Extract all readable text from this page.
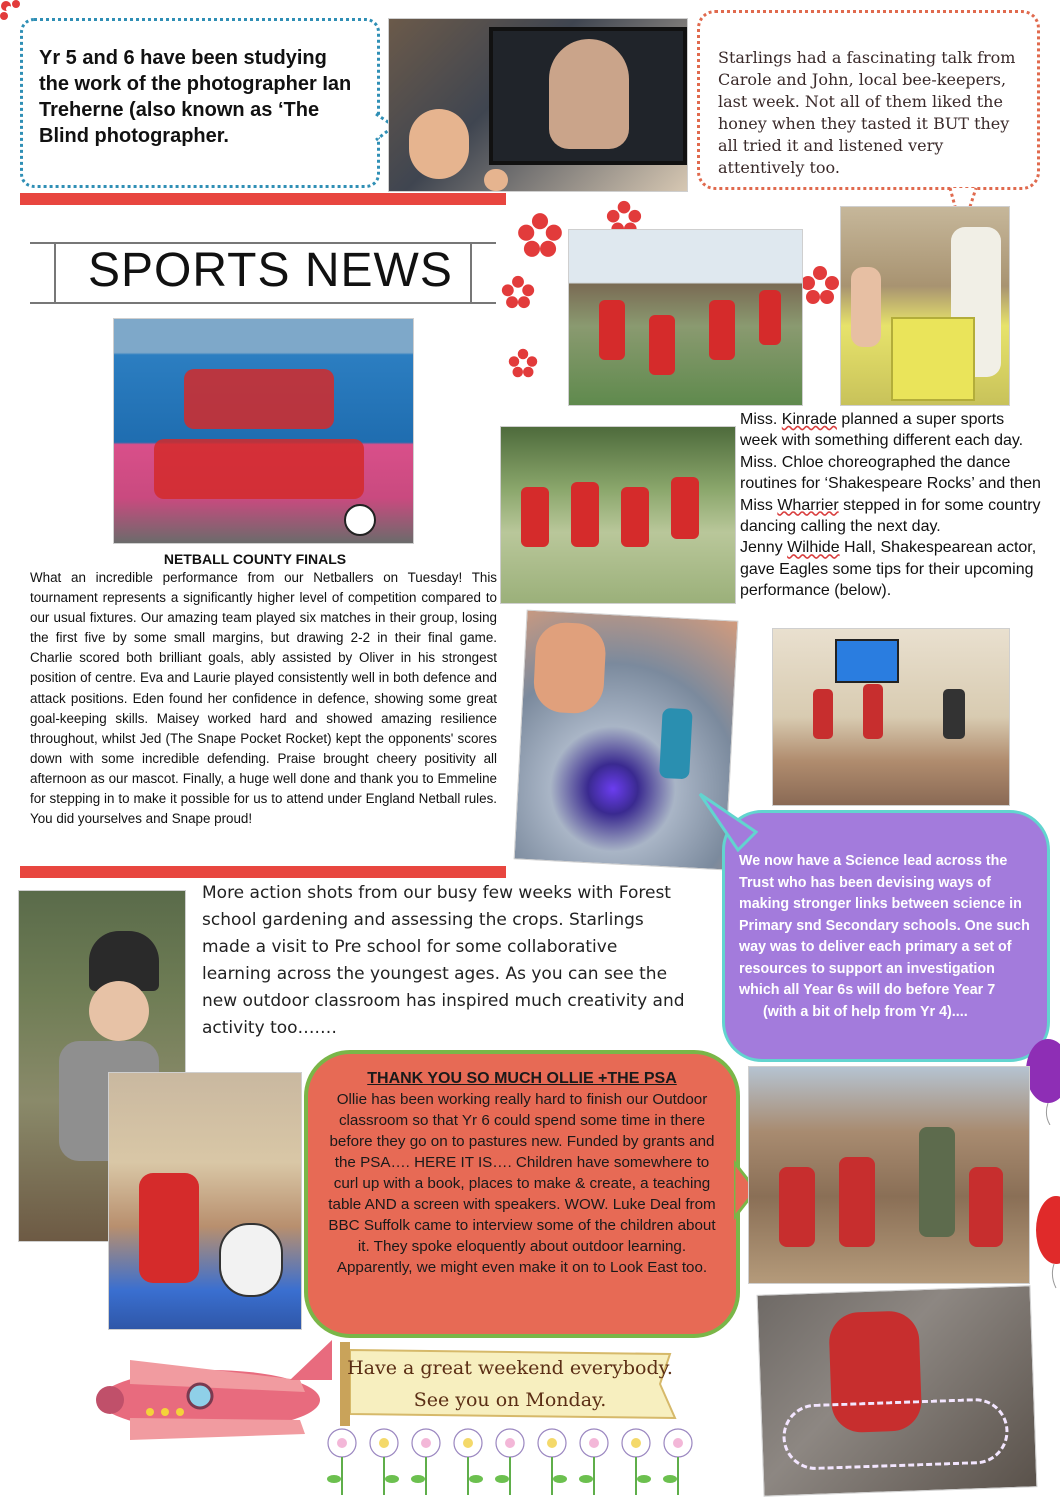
Yr 5 and 6 have been studying the work of the photographer Ian Treherne (also known as ‘The Blind photographer.
Starlings had a fascinating talk from Carole and John, local bee-keepers, last week. Not all of them liked the honey when they tasted it BUT they all tried it and listened very attentively too.
SPORTS NEWS
NETBALL COUNTY FINALS
What an incredible performance from our Netballers on Tuesday! This tournament represents a significantly higher level of competition compared to our usual fixtures. Our amazing team played six matches in their group, losing the first five by some small margins, but drawing 2-2 in their final game. Charlie scored both brilliant goals, ably assisted by Oliver in his strongest position of centre. Eva and Laurie played consistently well in both defence and attack positions. Eden found her confidence in defence, showing some great goal-keeping skills. Maisey worked hard and showed amazing resilience throughout, whilst Jed (The Snape Pocket Rocket) kept the opponents' scores down with some incredible defending. Praise brought cheery positivity all afternoon as our mascot. Finally, a huge well done and thank you to Emmeline for stepping in to make it possible for us to attend under England Netball rules. You did yourselves and Snape proud!
Miss. Kinrade planned a super sports week with something different each day. Miss. Chloe choreographed the dance routines for ‘Shakespeare Rocks’ and then Miss Wharrier stepped in for some country dancing calling the next day.
Jenny Wilhide Hall, Shakespearean actor, gave Eagles some tips for their upcoming performance (below).
We now have a Science lead across the Trust who has been devising ways of making stronger links between science in Primary snd Secondary schools. One such way was to deliver each primary a set of resources to support an investigation which all Year 6s will do before Year 7
(with a bit of help from Yr 4)....
More action shots from our busy few weeks with Forest school gardening and assessing the crops. Starlings made a visit to Pre school for some collaborative learning across the youngest ages. As you can see the new outdoor classroom has inspired much creativity and activity too….…
THANK YOU SO MUCH OLLIE +THE PSA
Ollie has been working really hard to finish our Outdoor classroom so that Yr 6 could spend some time in there before they go on to pastures new. Funded by grants and the PSA…. HERE IT IS…. Children have somewhere to curl up with a book, places to make & create, a teaching table AND a screen with speakers. WOW. Luke Deal from BBC Suffolk came to interview some of the children about it. They spoke eloquently about outdoor learning. Apparently, we might even make it on to Look East too.
Have a great weekend everybody.
See you on Monday.
